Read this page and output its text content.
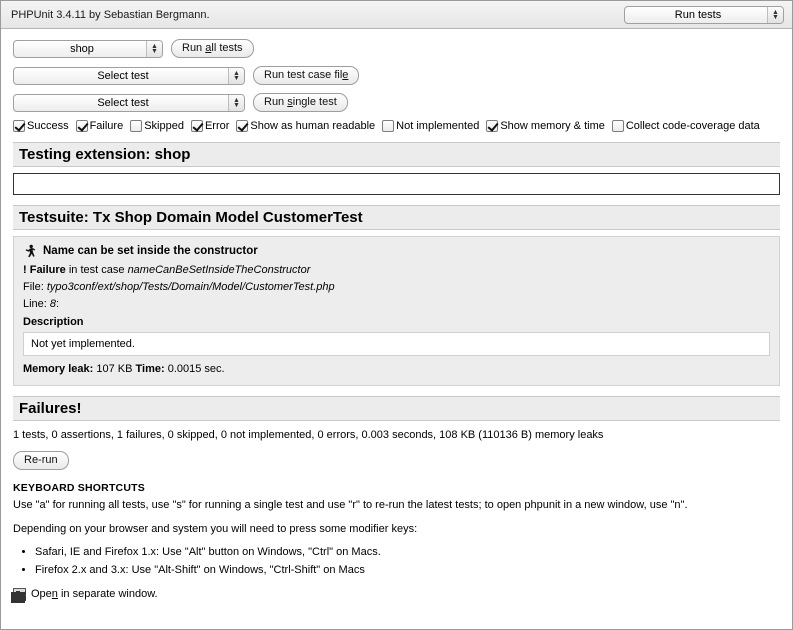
PHPUnit 3.4.11 by Sebastian Bergmann.	Run tests	▲
▼
shop	▲
▼	Run all tests
Select test	▲
▼	Run test case file
Select test	▲
▼	Run single test
Success Failure Skipped Error Show as human readable Not implemented Show memory & time Collect code-coverage data
Testing extension: shop
Testsuite: Tx Shop Domain Model CustomerTest
Name can be set inside the constructor
! Failure in test case nameCanBeSetInsideTheConstructor
File: typo3conf/ext/shop/Tests/Domain/Model/CustomerTest.php
Line: 8:
Description
Not yet implemented.
Memory leak: 107 KB Time: 0.0015 sec.
Failures!
1 tests, 0 assertions, 1 failures, 0 skipped, 0 not implemented, 0 errors, 0.003 seconds, 108 KB (110136 B) memory leaks
Re-run
KEYBOARD SHORTCUTS

Use "a" for running all tests, use "s" for running a single test and use "r" to re-run the latest tests; to open phpunit in a new window, use "n".

Depending on your browser and system you will need to press some modifier keys:

• Safari, IE and Firefox 1.x: Use "Alt" button on Windows, "Ctrl" on Macs.
• Firefox 2.x and 3.x: Use "Alt-Shift" on Windows, "Ctrl-Shift" on Macs
Open in separate window.
